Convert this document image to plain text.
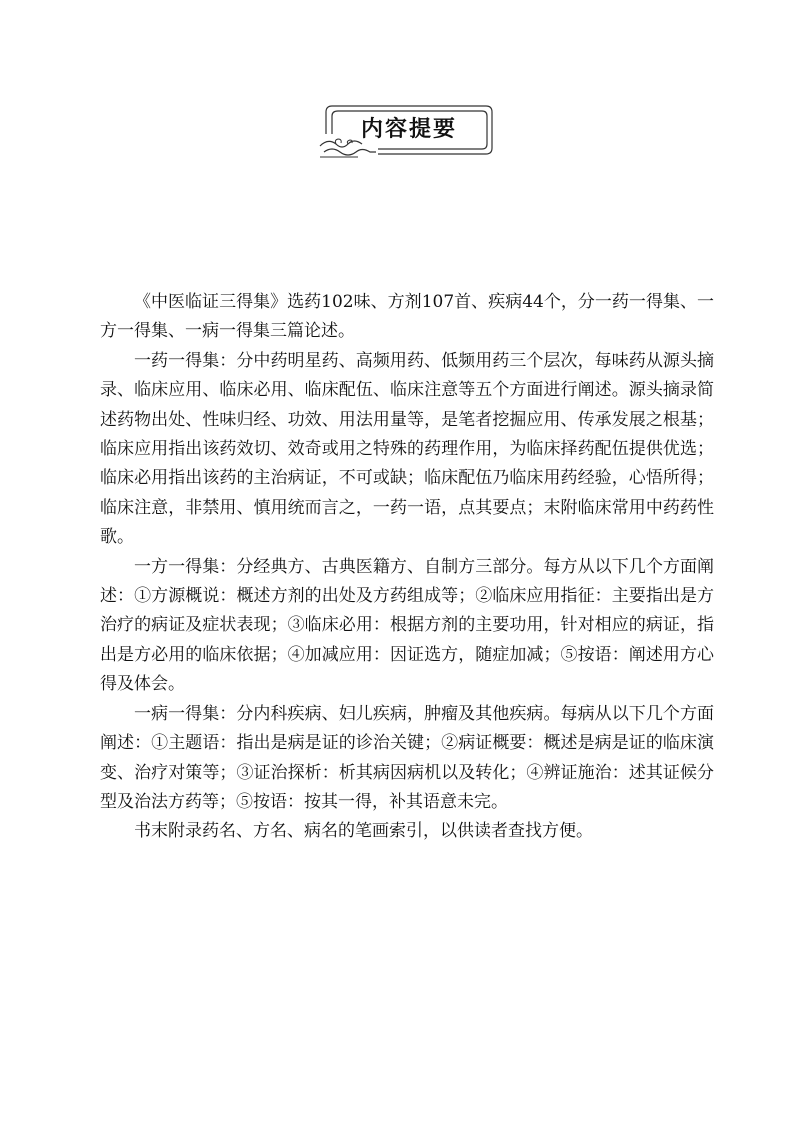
内容提要

《中医临证三得集》选药102味、方剂107首、疾病44个，分一药一得集、一方一得集、一病一得集三篇论述。

一药一得集：分中药明星药、高频用药、低频用药三个层次，每味药从源头摘录、临床应用、临床必用、临床配伍、临床注意等五个方面进行阐述。源头摘录简述药物出处、性味归经、功效、用法用量等，是笔者挖掘应用、传承发展之根基；临床应用指出该药效切、效奇或用之特殊的药理作用，为临床择药配伍提供优选；临床必用指出该药的主治病证，不可或缺；临床配伍乃临床用药经验，心悟所得；临床注意，非禁用、慎用统而言之，一药一语，点其要点；末附临床常用中药药性歌。

一方一得集：分经典方、古典医籍方、自制方三部分。每方从以下几个方面阐述：①方源概说：概述方剂的出处及方药组成等；②临床应用指征：主要指出是方治疗的病证及症状表现；③临床必用：根据方剂的主要功用，针对相应的病证，指出是方必用的临床依据；④加减应用：因证选方，随症加减；⑤按语：阐述用方心得及体会。

一病一得集：分内科疾病、妇儿疾病，肿瘤及其他疾病。每病从以下几个方面阐述：①主题语：指出是病是证的诊治关键；②病证概要：概述是病是证的临床演变、治疗对策等；③证治探析：析其病因病机以及转化；④辨证施治：述其证候分型及治法方药等；⑤按语：按其一得，补其语意未完。

书末附录药名、方名、病名的笔画索引，以供读者查找方便。
